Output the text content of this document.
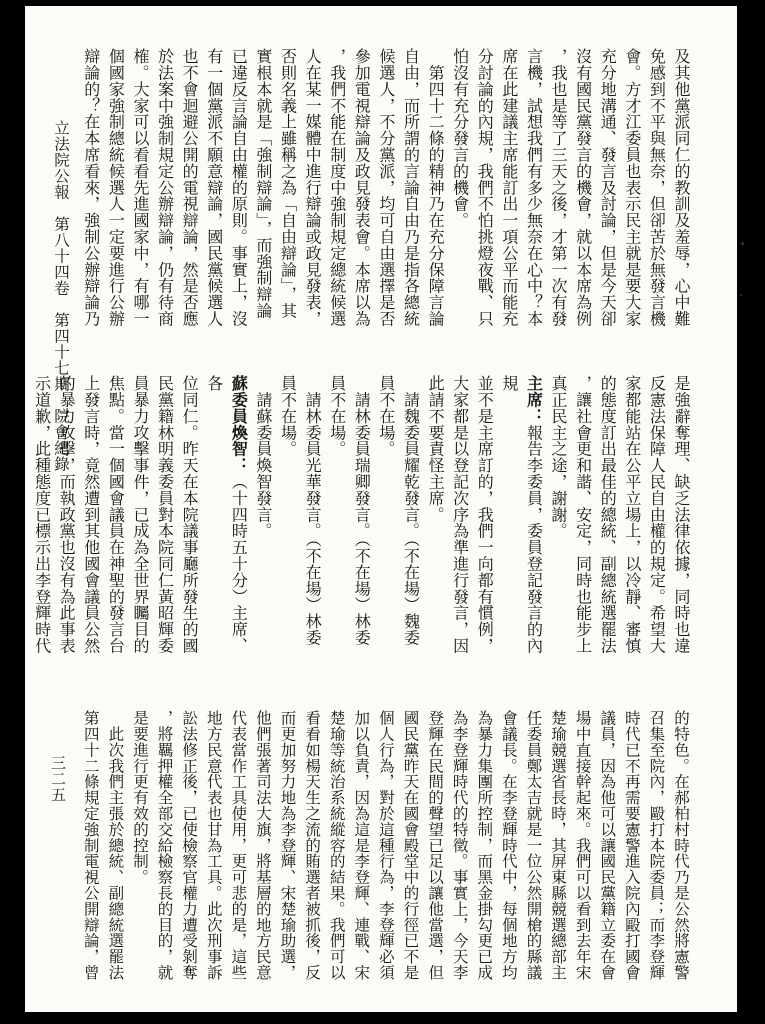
立法院公報　第八十四卷　第四十七期　院會紀錄
三二五

及其他黨派同仁的教訓及羞辱，心中難

免感到不平與無奈，但卻苦於無發言機

會。方才江委員也表示民主就是要大家

充分地溝通、發言及討論，但是今天卻

沒有國民黨發言的機會，就以本席為例

，我也是等了三天之後，才第一次有發

言機，試想我們有多少無奈在心中？本

席在此建議主席能訂出一項公平而能充

分討論的內規，我們不怕挑燈夜戰、只

怕沒有充分發言的機會。

　第四十二條的精神乃在充分保障言論

自由，而所謂的言論自由乃是指各總統

候選人，不分黨派，均可自由選擇是否

參加電視辯論及政見發表會。本席以為

，我們不能在制度中強制規定總統候選

人在某一媒體中進行辯論或政見發表，

否則名義上雖稱之為「自由辯論」，其

實根本就是「強制辯論」，而強制辯論

已違反言論自由權的原則。事實上，沒

有一個黨派不願意辯論，國民黨候選人

也不會迴避公開的電視辯論，然是否應

於法案中強制規定公辦辯論，仍有待商

榷。大家可以看看先進國家中，有哪一

個國家強制總統候選人一定要進行公辦

辯論的？在本席看來，強制公辦辯論乃

是強辭奪理、缺乏法律依據，同時也違

反憲法保障人民自由權的規定。希望大

家都能站在公平立場上，以冷靜、審慎

的態度訂出最佳的總統、副總統選罷法

，讓社會更和諧、安定，同時也能步上

真正民主之途，謝謝。

主席：報告李委員，委員登記發言的內規

並不是主席訂的，我們一向都有慣例，

大家都是以登記次序為準進行發言，因

此請不要責怪主席。

　請魏委員耀乾發言。（不在場）魏委

員不在場。

　請林委員瑞卿發言。（不在場）林委

員不在場。

　請林委員光華發言。（不在場）林委

員不在場。

　請蘇委員煥智發言。

蘇委員煥智：（十四時五十分）主席、各

位同仁。昨天在本院議事廳所發生的國

民黨籍林明義委員對本院同仁黃昭輝委

員暴力攻擊事件，已成為全世界矚目的

焦點。當一個國會議員在神聖的發言台

上發言時，竟然遭到其他國會議員公然

的暴力攻擊，而執政黨也沒有為此事表

示道歉，此種態度已標示出李登輝時代

的特色。在郝柏村時代乃是公然將憲警

召集至院內，毆打本院委員；而李登輝

時代已不再需要憲警進入院內毆打國會

議員，因為他可以讓國民黨籍立委在會

場中直接幹起來。我們可以看到去年宋

楚瑜競選省長時，其屏東縣競選總部主

任委員鄭太吉就是一位公然開槍的縣議

會議長。在李登輝時代中，每個地方均

為暴力集團所控制，而黑金掛勾更已成

為李登輝時代的特徵。事實上，今天李

登輝在民間的聲望已足以讓他當選，但

國民黨昨天在國會殿堂中的行徑已不是

個人行為，對於這種行為，李登輝必須

加以負責，因為這是李登輝、連戰、宋

楚瑜等統治系統縱容的結果。我們可以

看看如楊天生之流的賄選者被抓後，反

而更加努力地為李登輝、宋楚瑜助選，

他們張著司法大旗，將基層的地方民意

代表當作工具使用，更可悲的是，這些

地方民意代表也甘為工具。此次刑事訴

訟法修正後，已使檢察官權力遭受剝奪

，將羈押權全部交給檢察長的目的，就

是要進行更有效的控制。

　此次我們主張於總統、副總統選罷法

第四十二條規定強制電視公開辯論，曾
